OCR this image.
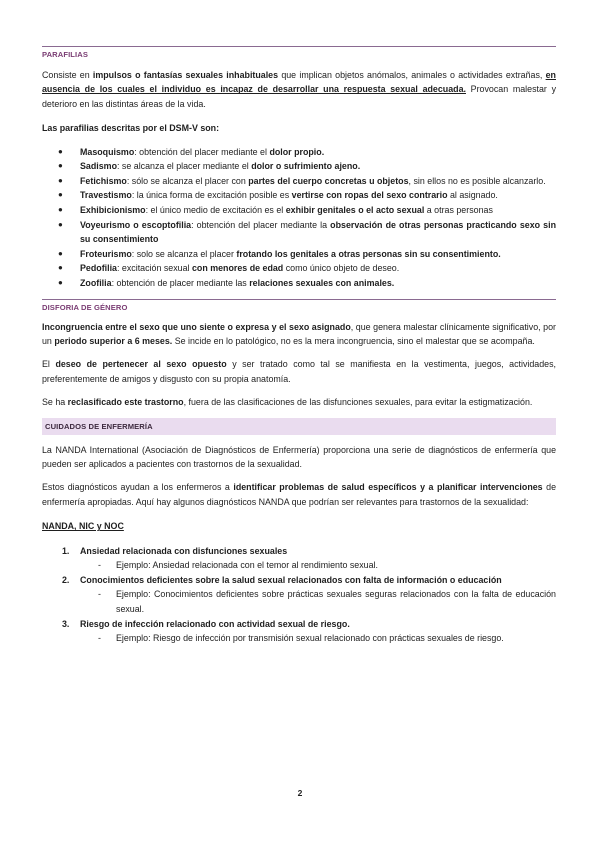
PARAFILIAS

Consiste en impulsos o fantasías sexuales inhabituales que implican objetos anómalos, animales o actividades extrañas, en ausencia de los cuales el individuo es incapaz de desarrollar una respuesta sexual adecuada. Provocan malestar y deterioro en las distintas áreas de la vida.

Las parafilias descritas por el DSM-V son:

● Masoquismo: obtención del placer mediante el dolor propio.
● Sadismo: se alcanza el placer mediante el dolor o sufrimiento ajeno.
● Fetichismo: sólo se alcanza el placer con partes del cuerpo concretas u objetos, sin ellos no es posible alcanzarlo.
● Travestismo: la única forma de excitación posible es vertirse con ropas del sexo contrario al asignado.
● Exhibicionismo: el único medio de excitación es el exhibir genitales o el acto sexual a otras personas
● Voyeurismo o escoptofilia: obtención del placer mediante la observación de otras personas practicando sexo sin su consentimiento
● Froteurismo: solo se alcanza el placer frotando los genitales a otras personas sin su consentimiento.
● Pedofilia: excitación sexual con menores de edad como único objeto de deseo.
● Zoofilia: obtención de placer mediante las relaciones sexuales con animales.
DISFORIA DE GÉNERO

Incongruencia entre el sexo que uno siente o expresa y el sexo asignado, que genera malestar clínicamente significativo, por un periodo superior a 6 meses. Se incide en lo patológico, no es la mera incongruencia, sino el malestar que se acompaña.

El deseo de pertenecer al sexo opuesto y ser tratado como tal se manifiesta en la vestimenta, juegos, actividades, preferentemente de amigos y disgusto con su propia anatomía.

Se ha reclasificado este trastorno, fuera de las clasificaciones de las disfunciones sexuales, para evitar la estigmatización.

CUIDADOS DE ENFERMERÍA

La NANDA International (Asociación de Diagnósticos de Enfermería) proporciona una serie de diagnósticos de enfermería que pueden ser aplicados a pacientes con trastornos de la sexualidad.

Estos diagnósticos ayudan a los enfermeros a identificar problemas de salud específicos y a planificar intervenciones de enfermería apropiadas. Aquí hay algunos diagnósticos NANDA que podrían ser relevantes para trastornos de la sexualidad:

NANDA, NIC y NOC

1. Ansiedad relacionada con disfunciones sexuales
- Ejemplo: Ansiedad relacionada con el temor al rendimiento sexual.
2. Conocimientos deficientes sobre la salud sexual relacionados con falta de información o educación
- Ejemplo: Conocimientos deficientes sobre prácticas sexuales seguras relacionados con la falta de educación sexual.
3. Riesgo de infección relacionado con actividad sexual de riesgo.
- Ejemplo: Riesgo de infección por transmisión sexual relacionado con prácticas sexuales de riesgo.
2
